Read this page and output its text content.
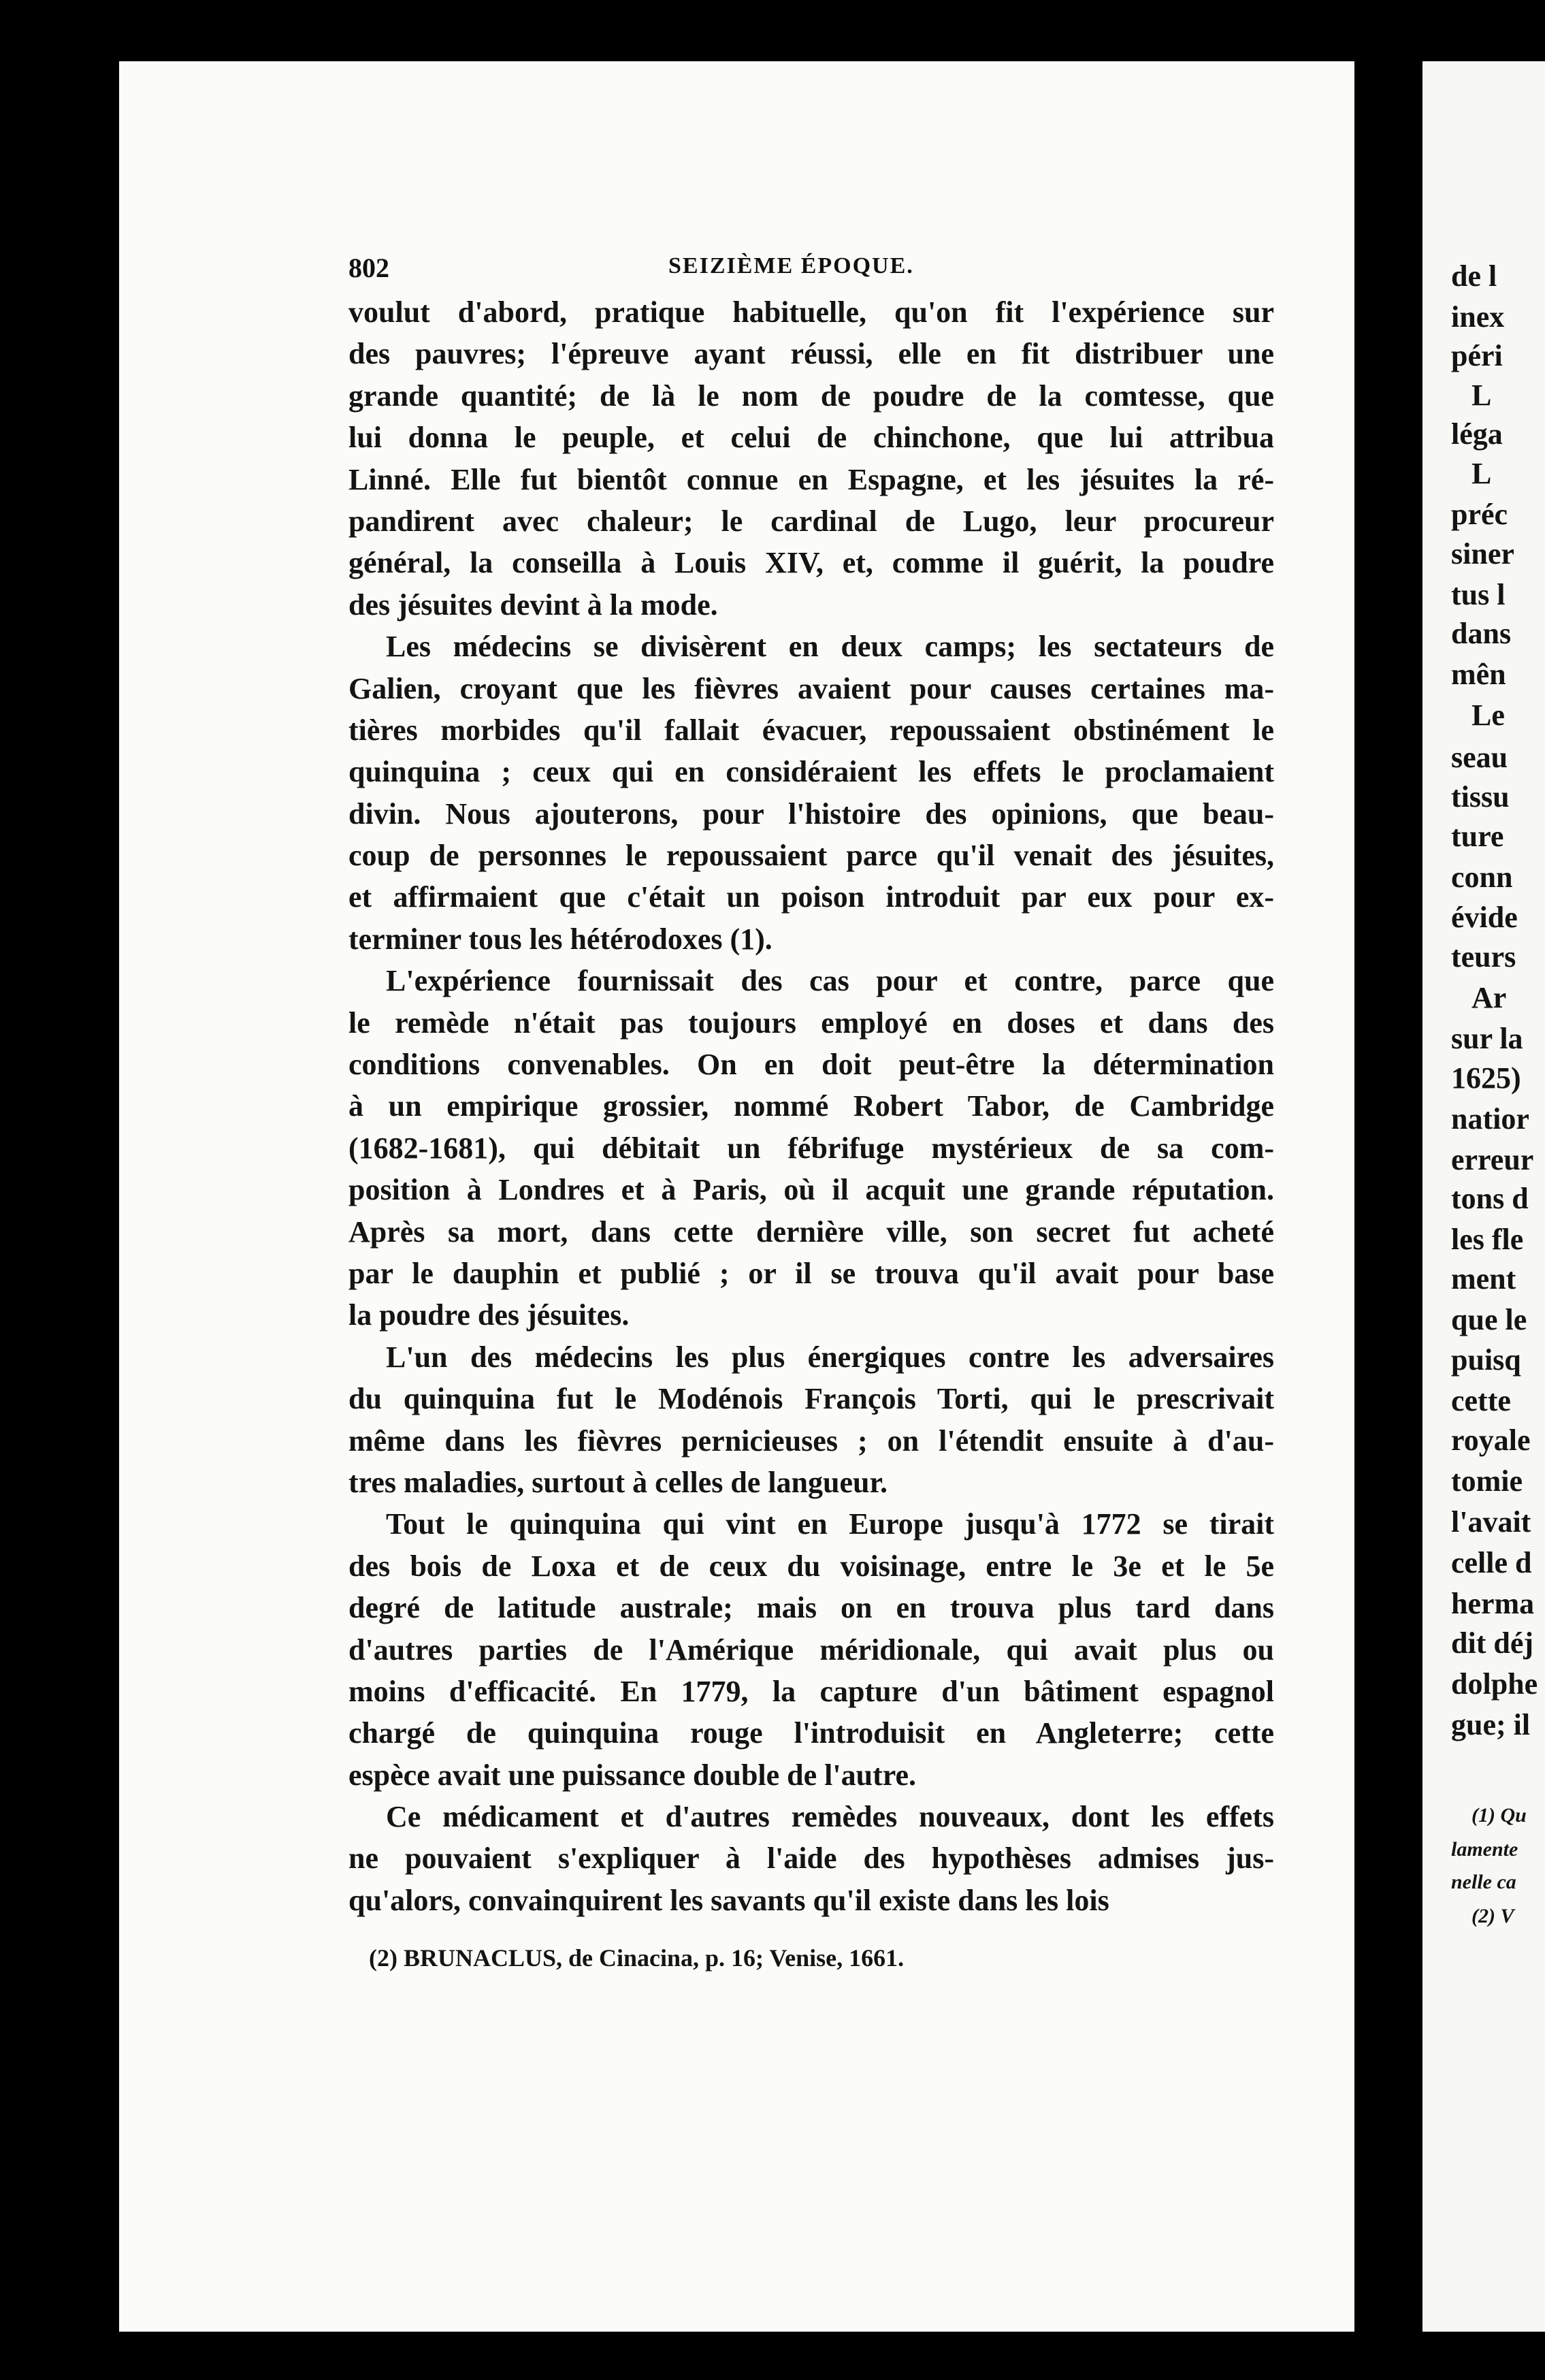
de l
inex
péri
L
léga
L
préc
siner
tus l
dans
mên
Le
seau
tissu
ture
conn
évide
teurs
Ar
sur la
1625)
natior
erreur
tons d
les fle
ment
que le
puisq
cette
royale
tomie
l'avait
celle d
herma
dit déj
dolphe
gue; il
(1) Qu
lamente
nelle ca
(2) V
802	SEIZIÈME ÉPOQUE.
voulut d'abord, pratique habituelle, qu'on fit l'expérience sur
des pauvres; l'épreuve ayant réussi, elle en fit distribuer une
grande quantité; de là le nom de poudre de la comtesse, que
lui donna le peuple, et celui de chinchone, que lui attribua
Linné. Elle fut bientôt connue en Espagne, et les jésuites la ré-
pandirent avec chaleur; le cardinal de Lugo, leur procureur
général, la conseilla à Louis XIV, et, comme il guérit, la poudre
des jésuites devint à la mode.
Les médecins se divisèrent en deux camps; les sectateurs de
Galien, croyant que les fièvres avaient pour causes certaines ma-
tières morbides qu'il fallait évacuer, repoussaient obstinément le
quinquina ; ceux qui en considéraient les effets le proclamaient
divin. Nous ajouterons, pour l'histoire des opinions, que beau-
coup de personnes le repoussaient parce qu'il venait des jésuites,
et affirmaient que c'était un poison introduit par eux pour ex-
terminer tous les hétérodoxes (1).
L'expérience fournissait des cas pour et contre, parce que
le remède n'était pas toujours employé en doses et dans des
conditions convenables. On en doit peut-être la détermination
à un empirique grossier, nommé Robert Tabor, de Cambridge
(1682-1681), qui débitait un fébrifuge mystérieux de sa com-
position à Londres et à Paris, où il acquit une grande réputation.
Après sa mort, dans cette dernière ville, son secret fut acheté
par le dauphin et publié ; or il se trouva qu'il avait pour base
la poudre des jésuites.
L'un des médecins les plus énergiques contre les adversaires
du quinquina fut le Modénois François Torti, qui le prescrivait
même dans les fièvres pernicieuses ; on l'étendit ensuite à d'au-
tres maladies, surtout à celles de langueur.
Tout le quinquina qui vint en Europe jusqu'à 1772 se tirait
des bois de Loxa et de ceux du voisinage, entre le 3e et le 5e
degré de latitude australe; mais on en trouva plus tard dans
d'autres parties de l'Amérique méridionale, qui avait plus ou
moins d'efficacité. En 1779, la capture d'un bâtiment espagnol
chargé de quinquina rouge l'introduisit en Angleterre; cette
espèce avait une puissance double de l'autre.
Ce médicament et d'autres remèdes nouveaux, dont les effets
ne pouvaient s'expliquer à l'aide des hypothèses admises jus-
qu'alors, convainquirent les savants qu'il existe dans les lois
(2) BRUNACLUS, de Cinacina, p. 16; Venise, 1661.
